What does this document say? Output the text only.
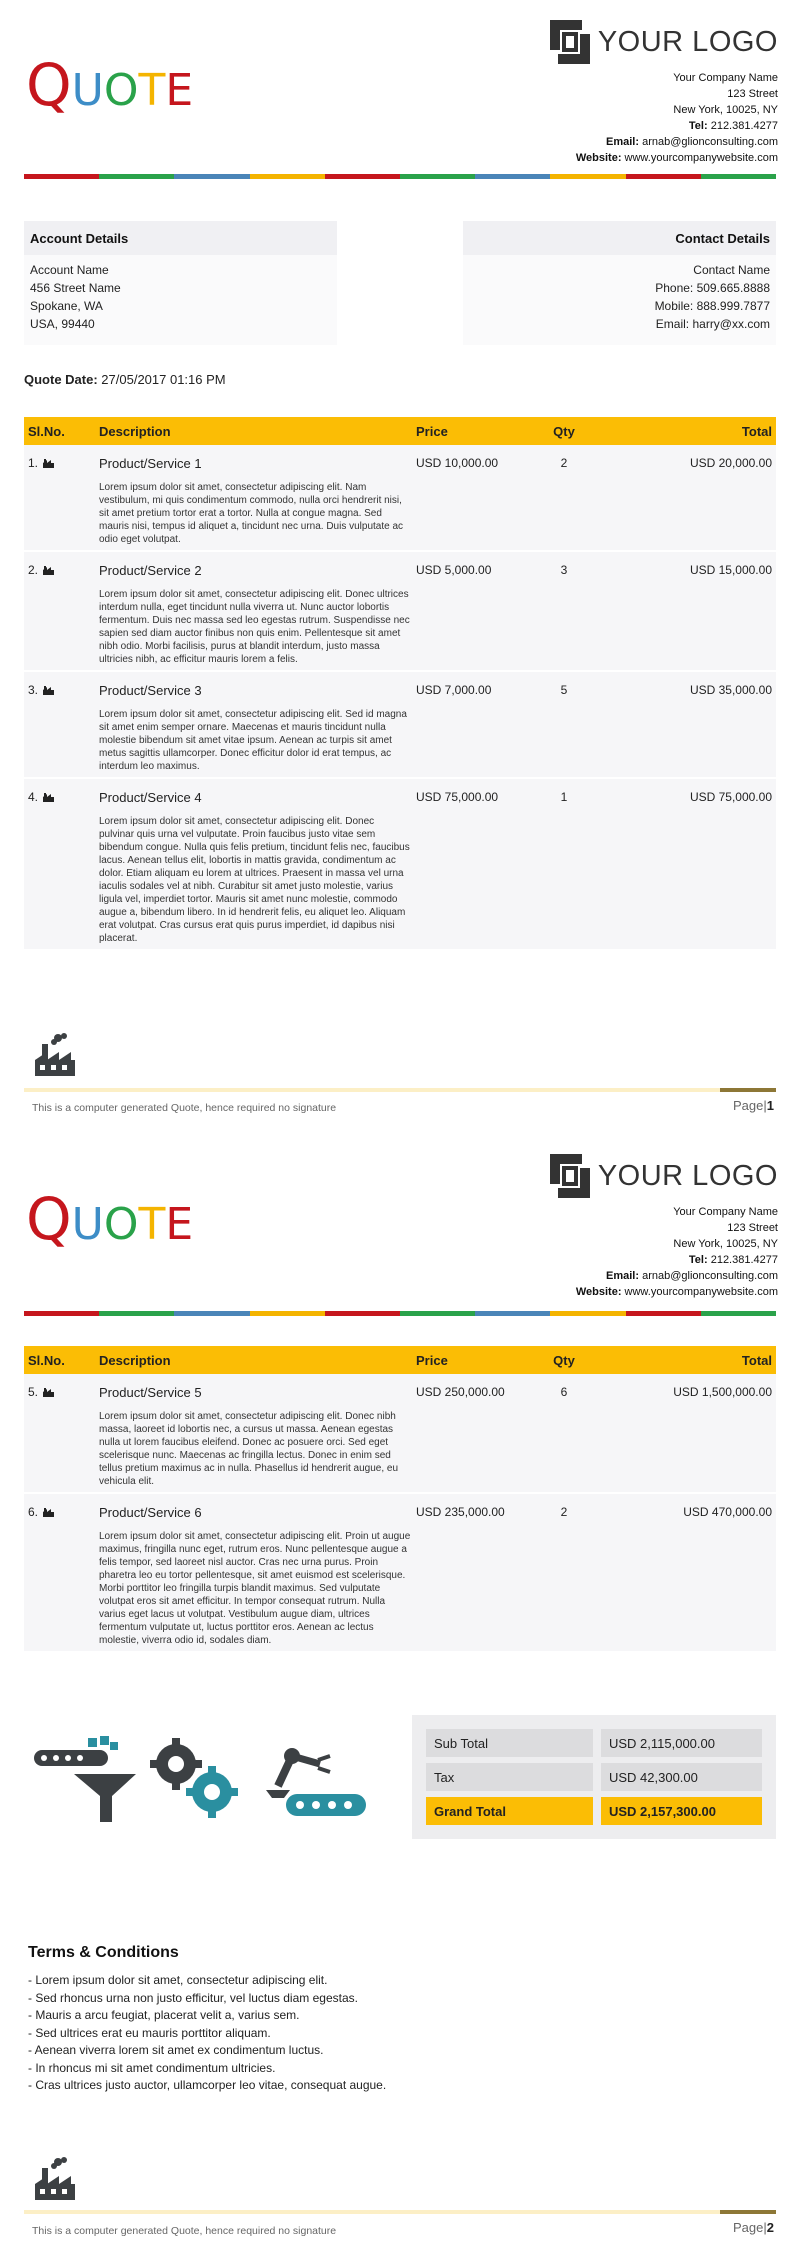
QUOTE
YOUR LOGO
Your Company Name
123 Street
New York, 10025, NY
Tel: 212.381.4277
Email: arnab@glionconsulting.com
Website: www.yourcompanywebsite.com
Account Details
Account Name
456 Street Name
Spokane, WA
USA, 99440
Contact Details
Contact Name
Phone: 509.665.8888
Mobile: 888.999.7877
Email: harry@xx.com
Quote Date: 27/05/2017 01:16 PM
Sl.No.	Description	Price	Qty	Total
1.	Product/Service 1	USD 10,000.00	2	USD 20,000.00
Lorem ipsum dolor sit amet, consectetur adipiscing elit. Nam vestibulum, mi quis condimentum commodo, nulla orci hendrerit nisi, sit amet pretium tortor erat a tortor. Nulla at congue magna. Sed mauris nisi, tempus id aliquet a, tincidunt nec urna. Duis vulputate ac odio eget volutpat.
2.	Product/Service 2	USD 5,000.00	3	USD 15,000.00
Lorem ipsum dolor sit amet, consectetur adipiscing elit. Donec ultrices interdum nulla, eget tincidunt nulla viverra ut. Nunc auctor lobortis fermentum. Duis nec massa sed leo egestas rutrum. Suspendisse nec sapien sed diam auctor finibus non quis enim. Pellentesque sit amet nibh odio. Morbi facilisis, purus at blandit interdum, justo massa ultricies nibh, ac efficitur mauris lorem a felis.
3.	Product/Service 3	USD 7,000.00	5	USD 35,000.00
Lorem ipsum dolor sit amet, consectetur adipiscing elit. Sed id magna sit amet enim semper ornare. Maecenas et mauris tincidunt nulla molestie bibendum sit amet vitae ipsum. Aenean ac turpis sit amet metus sagittis ullamcorper. Donec efficitur dolor id erat tempus, ac interdum leo maximus.
4.	Product/Service 4	USD 75,000.00	1	USD 75,000.00
Lorem ipsum dolor sit amet, consectetur adipiscing elit. Donec pulvinar quis urna vel vulputate. Proin faucibus justo vitae sem bibendum congue. Nulla quis felis pretium, tincidunt felis nec, faucibus lacus. Aenean tellus elit, lobortis in mattis gravida, condimentum ac dolor. Etiam aliquam eu lorem at ultrices. Praesent in massa vel urna iaculis sodales vel at nibh. Curabitur sit amet justo molestie, varius ligula vel, imperdiet tortor. Mauris sit amet nunc molestie, commodo augue a, bibendum libero. In id hendrerit felis, eu aliquet leo. Aliquam erat volutpat. Cras cursus erat quis purus imperdiet, id dapibus nisi placerat.
This is a computer generated Quote, hence required no signature	Page|1
QUOTE
YOUR LOGO
Your Company Name
123 Street
New York, 10025, NY
Tel: 212.381.4277
Email: arnab@glionconsulting.com
Website: www.yourcompanywebsite.com
Sl.No.	Description	Price	Qty	Total
5.	Product/Service 5	USD 250,000.00	6	USD 1,500,000.00
Lorem ipsum dolor sit amet, consectetur adipiscing elit. Donec nibh massa, laoreet id lobortis nec, a cursus ut massa. Aenean egestas nulla ut lorem faucibus eleifend. Donec ac posuere orci. Sed eget scelerisque nunc. Maecenas ac fringilla lectus. Donec in enim sed tellus pretium maximus ac in nulla. Phasellus id hendrerit augue, eu vehicula elit.
6.	Product/Service 6	USD 235,000.00	2	USD 470,000.00
Lorem ipsum dolor sit amet, consectetur adipiscing elit. Proin ut augue maximus, fringilla nunc eget, rutrum eros. Nunc pellentesque augue a felis tempor, sed laoreet nisl auctor. Cras nec urna purus. Proin pharetra leo eu tortor pellentesque, sit amet euismod est scelerisque. Morbi porttitor leo fringilla turpis blandit maximus. Sed vulputate volutpat eros sit amet efficitur. In tempor consequat rutrum. Nulla varius eget lacus ut volutpat. Vestibulum augue diam, ultrices fermentum vulputate ut, luctus porttitor eros. Aenean ac lectus molestie, viverra odio id, sodales diam.
Sub Total	USD 2,115,000.00
Tax	USD 42,300.00
Grand Total	USD 2,157,300.00
Terms & Conditions
- Lorem ipsum dolor sit amet, consectetur adipiscing elit.
- Sed rhoncus urna non justo efficitur, vel luctus diam egestas.
- Mauris a arcu feugiat, placerat velit a, varius sem.
- Sed ultrices erat eu mauris porttitor aliquam.
- Aenean viverra lorem sit amet ex condimentum luctus.
- In rhoncus mi sit amet condimentum ultricies.
- Cras ultrices justo auctor, ullamcorper leo vitae, consequat augue.
This is a computer generated Quote, hence required no signature	Page|2
